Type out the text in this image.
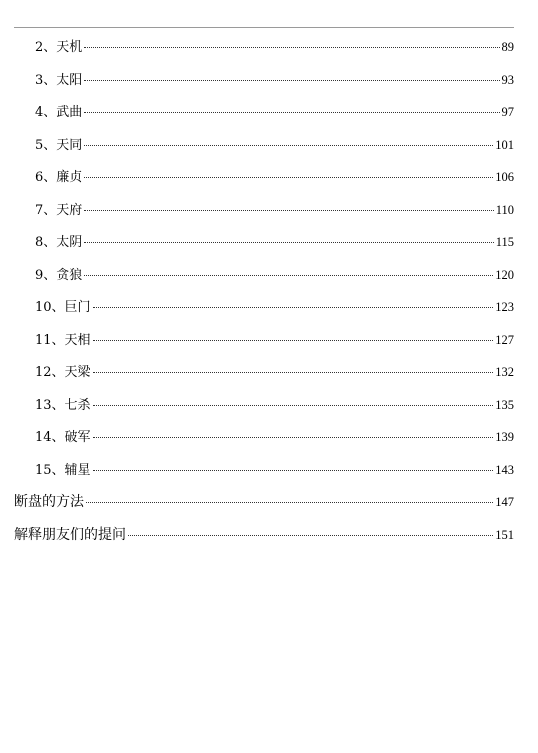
2、天机	89
3、太阳	93
4、武曲	97
5、天同	101
6、廉贞	106
7、天府	110
8、太阴	115
9、贪狼	120
10、巨门	123
11、天相	127
12、天梁	132
13、七杀	135
14、破军	139
15、辅星	143
断盘的方法	147
解释朋友们的提问	151
